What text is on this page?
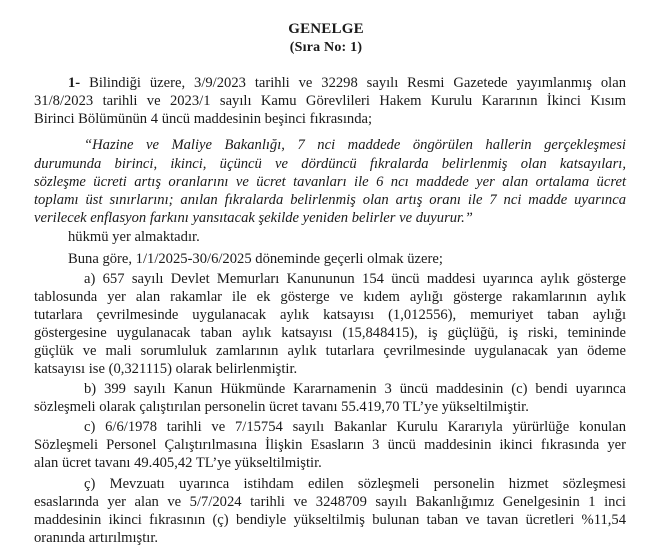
GENELGE
(Sıra No: 1)
1- Bilindiği üzere, 3/9/2023 tarihli ve 32298 sayılı Resmi Gazetede yayımlanmış olan
31/8/2023 tarihli ve 2023/1 sayılı Kamu Görevlileri Hakem Kurulu Kararının İkinci Kısım
Birinci Bölümünün 4 üncü maddesinin beşinci fıkrasında;
“Hazine ve Maliye Bakanlığı, 7 nci maddede öngörülen hallerin gerçekleşmesi
durumunda birinci, ikinci, üçüncü ve dördüncü fıkralarda belirlenmiş olan katsayıları,
sözleşme ücreti artış oranlarını ve ücret tavanları ile 6 ncı maddede yer alan ortalama ücret
toplamı üst sınırlarını; anılan fıkralarda belirlenmiş olan artış oranı ile 7 nci madde uyarınca
verilecek enflasyon farkını yansıtacak şekilde yeniden belirler ve duyurur.”
hükmü yer almaktadır.
Buna göre, 1/1/2025-30/6/2025 döneminde geçerli olmak üzere;
a) 657 sayılı Devlet Memurları Kanununun 154 üncü maddesi uyarınca aylık gösterge
tablosunda yer alan rakamlar ile ek gösterge ve kıdem aylığı gösterge rakamlarının aylık
tutarlara çevrilmesinde uygulanacak aylık katsayısı (1,012556), memuriyet taban aylığı
göstergesine uygulanacak taban aylık katsayısı (15,848415), iş güçlüğü, iş riski, temininde
güçlük ve mali sorumluluk zamlarının aylık tutarlara çevrilmesinde uygulanacak yan ödeme
katsayısı ise (0,321115) olarak belirlenmiştir.
b) 399 sayılı Kanun Hükmünde Kararnamenin 3 üncü maddesinin (c) bendi uyarınca
sözleşmeli olarak çalıştırılan personelin ücret tavanı 55.419,70 TL’ye yükseltilmiştir.
c) 6/6/1978 tarihli ve 7/15754 sayılı Bakanlar Kurulu Kararıyla yürürlüğe konulan
Sözleşmeli Personel Çalıştırılmasına İlişkin Esasların 3 üncü maddesinin ikinci fıkrasında yer
alan ücret tavanı 49.405,42 TL’ye yükseltilmiştir.
ç) Mevzuatı uyarınca istihdam edilen sözleşmeli personelin hizmet sözleşmesi
esaslarında yer alan ve 5/7/2024 tarihli ve 3248709 sayılı Bakanlığımız Genelgesinin 1 inci
maddesinin ikinci fıkrasının (ç) bendiyle yükseltilmiş bulunan taban ve tavan ücretleri %11,54
oranında artırılmıştır.
